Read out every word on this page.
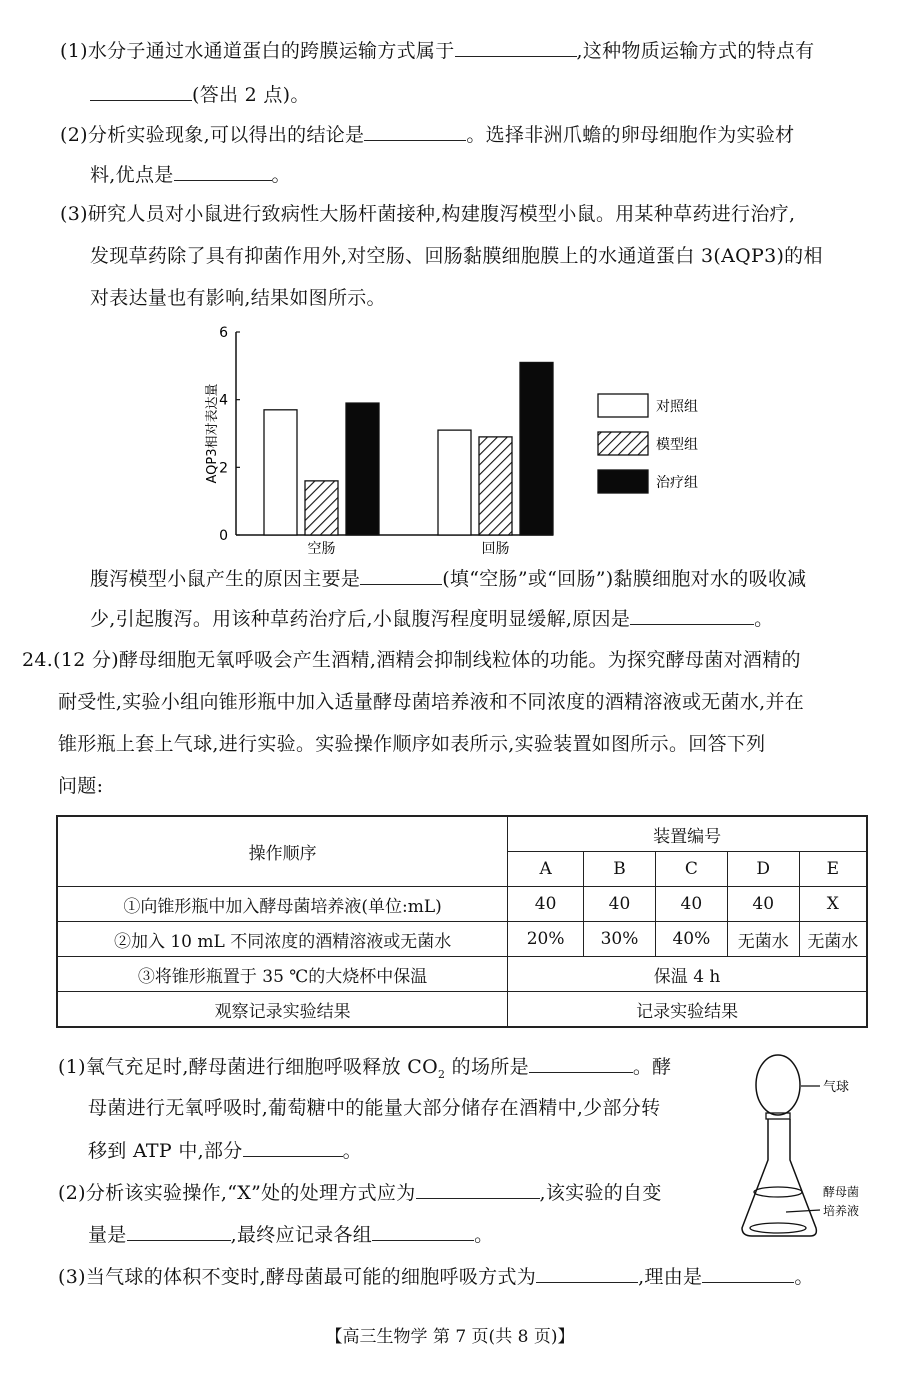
(1)水分子通过水通道蛋白的跨膜运输方式属于	,这种物质运输方式的特点有
(答出 2 点)。
(2)分析实验现象,可以得出的结论是	。选择非洲爪蟾的卵母细胞作为实验材
料,优点是	。
(3)研究人员对小鼠进行致病性大肠杆菌接种,构建腹泻模型小鼠。用某种草药进行治疗,
发现草药除了具有抑菌作用外,对空肠、回肠黏膜细胞膜上的水通道蛋白 3(AQP3)的相
对表达量也有影响,结果如图所示。
0
2
4
6
AQP3相对表达量
空肠	回肠
对照组
模型组
治疗组
腹泻模型小鼠产生的原因主要是	(填“空肠”或“回肠”)黏膜细胞对水的吸收减
少,引起腹泻。用该种草药治疗后,小鼠腹泻程度明显缓解,原因是	。
24.(12 分)酵母细胞无氧呼吸会产生酒精,酒精会抑制线粒体的功能。为探究酵母菌对酒精的
耐受性,实验小组向锥形瓶中加入适量酵母菌培养液和不同浓度的酒精溶液或无菌水,并在
锥形瓶上套上气球,进行实验。实验操作顺序如表所示,实验装置如图所示。回答下列
问题:
操作顺序	装置编号				
	A	B	C	D	E
①向锥形瓶中加入酵母菌培养液(单位:mL)	40	40	40	40	X
②加入 10 mL 不同浓度的酒精溶液或无菌水	20%	30%	40%	无菌水	无菌水
③将锥形瓶置于 35 ℃的大烧杯中保温	保温 4 h				
观察记录实验结果	记录实验结果				
(1)氧气充足时,酵母菌进行细胞呼吸释放 $CO_2$ 的场所是	。酵
母菌进行无氧呼吸时,葡萄糖中的能量大部分储存在酒精中,少部分转
移到 ATP 中,部分	。
(2)分析该实验操作,“X”处的处理方式应为	,该实验的自变
量是	,最终应记录各组	。
(3)当气球的体积不变时,酵母菌最可能的细胞呼吸方式为	,理由是	。
气球
酵母菌
培养液
【高三生物学 第 7 页(共 8 页)】
